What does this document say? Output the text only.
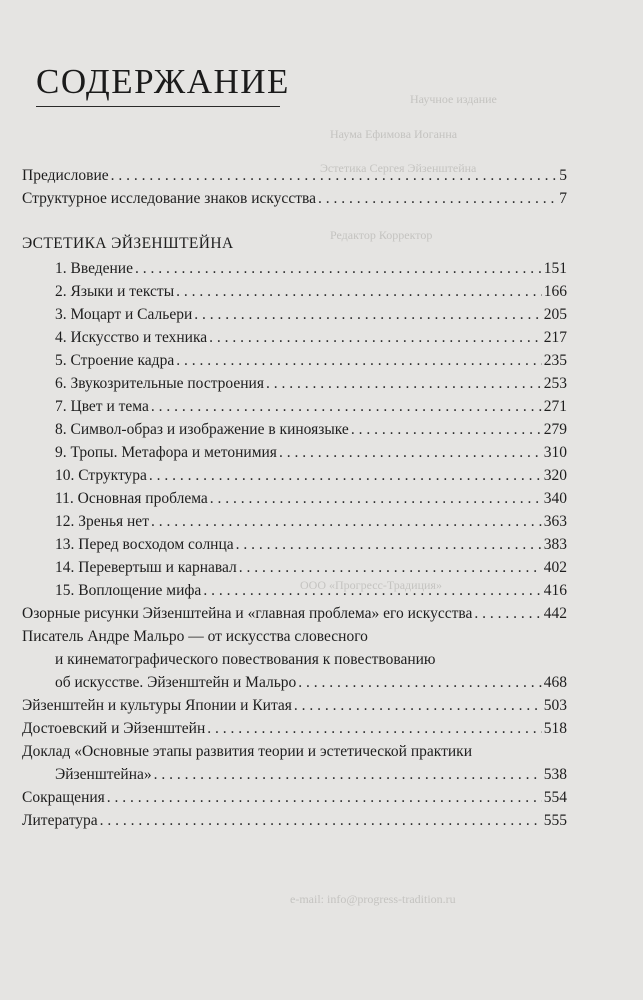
Научное издание
Наума Ефимова Иоганна
Эстетика Сергея Эйзенштейна
Редактор Корректор
ООО «Прогресс-Традиция»
e-mail: info@progress-tradition.ru
СОДЕРЖАНИЕ
Предисловие . . .	5
Структурное исследование знаков искусства . . .	7
ЭСТЕТИКА ЭЙЗЕНШТЕЙНА
1. Введение . . .	151
2. Языки и тексты . . .	166
3. Моцарт и Сальери . . .	205
4. Искусство и техника . . .	217
5. Строение кадра . . .	235
6. Звукозрительные построения . . .	253
7. Цвет и тема . . .	271
8. Символ-образ и изображение в киноязыке . . .	279
9. Тропы. Метафора и метонимия . . .	310
10. Структура . . .	320
11. Основная проблема . . .	340
12. Зренья нет . . .	363
13. Перед восходом солнца . . .	383
14. Перевертыш и карнавал . . .	402
15. Воплощение мифа . . .	416
Озорные рисунки Эйзенштейна и «главная проблема» его искусства . . .	442
Писатель Андре Мальро — от искусства словесного
и кинематографического повествования к повествованию
об искусстве. Эйзенштейн и Мальро . . .	468
Эйзенштейн и культуры Японии и Китая . . .	503
Достоевский и Эйзенштейн . . .	518
Доклад «Основные этапы развития теории и эстетической практики
Эйзенштейна» . . .	538
Сокращения . . .	554
Литература . . .	555
